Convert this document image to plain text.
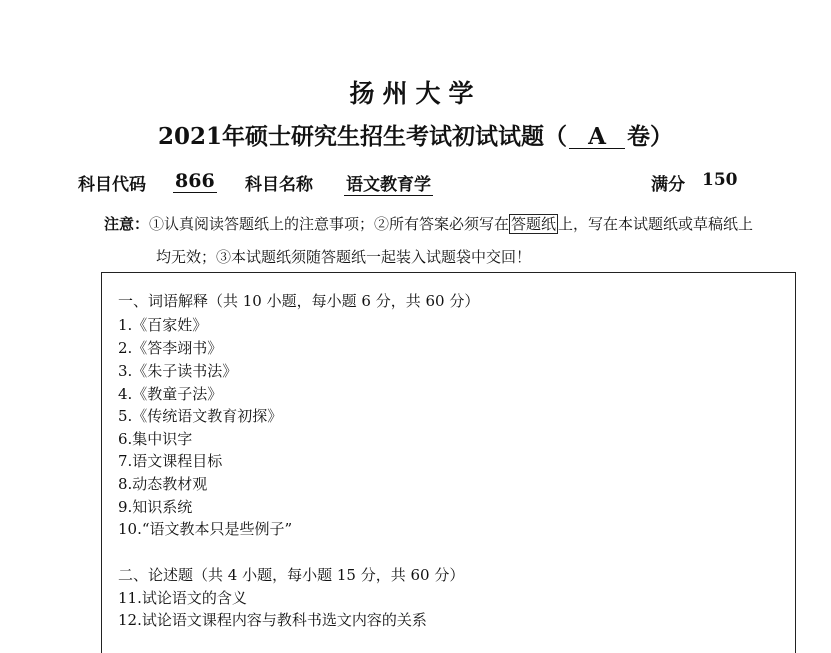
扬州大学
2021年硕士研究生招生考试初试试题（ A 卷）
科目代码 866 科目名称 语文教育学	满分 150
注意：①认真阅读答题纸上的注意事项；②所有答案必须写在 答题纸 上，写在本试题纸或草稿纸上
均无效；③本试题纸须随答题纸一起装入试题袋中交回！
一、词语解释（共 10 小题，每小题 6 分，共 60 分）
1.《百家姓》
2.《答李翊书》
3.《朱子读书法》
4.《教童子法》
5.《传统语文教育初探》
6.集中识字
7.语文课程目标
8.动态教材观
9.知识系统
10.“语文教本只是些例子”
二、论述题（共 4 小题，每小题 15 分，共 60 分）
11.试论语文的含义
12.试论语文课程内容与教科书选文内容的关系
